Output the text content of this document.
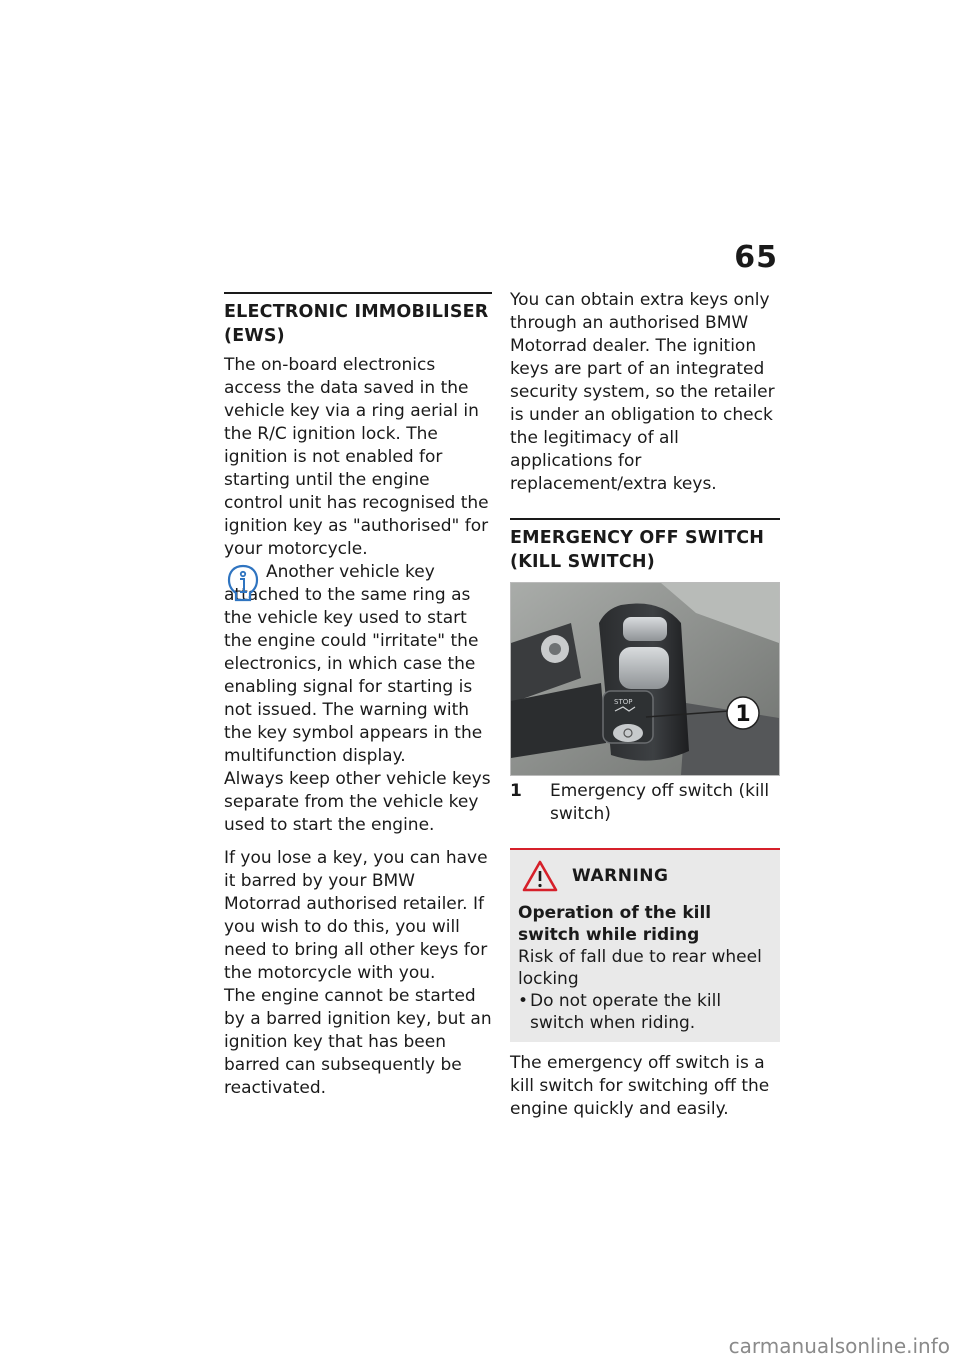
65
ELECTRONIC IMMOBILISER
(EWS)

The on-board electronics access the data saved in the vehicle key via a ring aerial in the R/C ignition lock. The ignition is not enabled for starting until the engine control unit has recognised the ignition key as "authorised" for your motorcycle.

Another vehicle key attached to the same ring as the vehicle key used to start the engine could "irritate" the electronics, in which case the enabling signal for starting is not issued. The warning with the key symbol appears in the multifunction display.

Always keep other vehicle keys separate from the vehicle key used to start the engine.

If you lose a key, you can have it barred by your BMW Motorrad authorised retailer. If you wish to do this, you will need to bring all other keys for the motorcycle with you.

The engine cannot be started by a barred ignition key, but an ignition key that has been barred can subsequently be reactivated.

You can obtain extra keys only through an authorised BMW Motorrad dealer. The ignition keys are part of an integrated security system, so the retailer is under an obligation to check the legitimacy of all applications for replacement/extra keys.

EMERGENCY OFF SWITCH
(KILL SWITCH)
STOP	1
1	Emergency off switch (kill switch)
WARNING
Operation of the kill switch while riding

Risk of fall due to rear wheel locking

• Do not operate the kill switch when riding.

The emergency off switch is a kill switch for switching off the engine quickly and easily.

carmanualsonline.info
